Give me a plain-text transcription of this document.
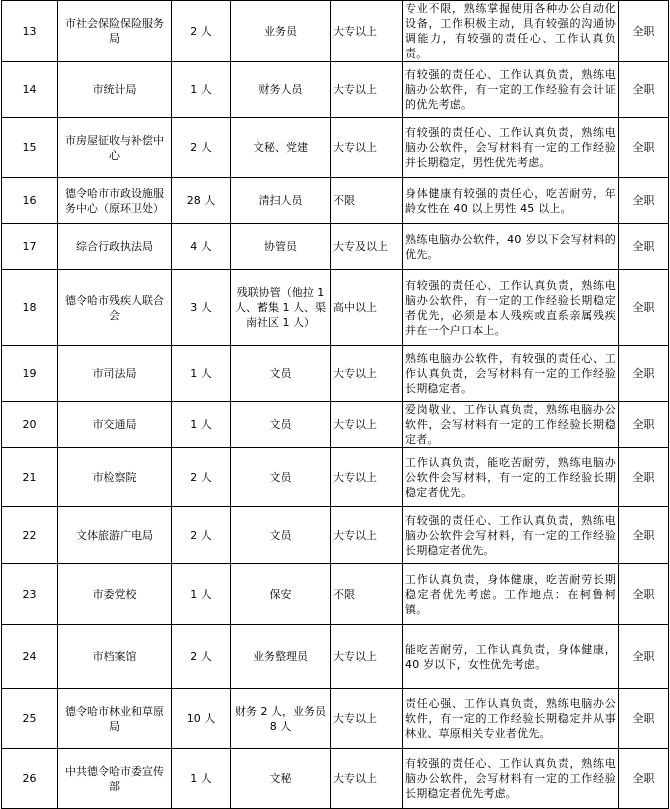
13	市社会保险保险服务局	2 人	业务员	大专以上	专业不限，熟练掌握使用各种办公自动化设备，工作积极主动，具有较强的沟通协调能力，有较强的责任心、工作认真负责。	全职
14	市统计局	1 人	财务人员	大专以上	有较强的责任心、工作认真负责，熟练电脑办公软件，有一定的工作经验有会计证的优先考虑。	全职
15	市房屋征收与补偿中心	2 人	文秘、党建	大专以上	有较强的责任心、工作认真负责，熟练电脑办公软件，会写材料有一定的工作经验并长期稳定，男性优先考虑。	全职
16	德令哈市市政设施服务中心（原环卫处）	28 人	清扫人员	不限	身体健康有较强的责任心，吃苦耐劳，年龄女性在 40 以上男性 45 以上。	全职
17	综合行政执法局	4 人	协管员	大专及以上	熟练电脑办公软件，40 岁以下会写材料的优先。	全职
18	德令哈市残疾人联合会	3 人	残联协管（他拉 1 人、蓄集 1 人、渠南社区 1 人）	高中以上	有较强的责任心、工作认真负责，熟练电脑办公软件，有一定的工作经验长期稳定者优先，必须是本人残疾或直系亲属残疾并在一个户口本上。	全职
19	市司法局	1 人	文员	大专以上	熟练电脑办公软件，有较强的责任心、工作认真负责，会写材料有一定的工作经验长期稳定者。	全职
20	市交通局	1 人	文员	大专以上	爱岗敬业、工作认真负责，熟练电脑办公软件，会写材料有一定的工作经验长期稳定者。	全职
21	市检察院	2 人	文员	大专以上	工作认真负责，能吃苦耐劳，熟练电脑办公软件会写材料，有一定的工作经验长期稳定者优先。	全职
22	文体旅游广电局	2 人	文员	大专以上	有较强的责任心、工作认真负责，熟练电脑办公软件会写材料，有一定的工作经验长期稳定者优先。	全职
23	市委党校	1 人	保安	不限	工作认真负责，身体健康，吃苦耐劳长期稳定者优先考虑。工作地点：在柯鲁柯镇。	全职
24	市档案馆	2 人	业务整理员	大专以上	能吃苦耐劳，工作认真负责，身体健康，40 岁以下，女性优先考虑。	全职
25	德令哈市林业和草原局	10 人	财务 2 人，业务员 8 人	大专以上	责任心强、工作认真负责，熟练电脑办公软件，有一定的工作经验长期稳定并从事林业、草原相关专业者优先。	全职
26	中共德令哈市委宣传部	1 人	文秘	大专以上	有较强的责任心、工作认真负责，熟练电脑办公软件，会写材料有一定的工作经验长期稳定者优先考虑。	全职
